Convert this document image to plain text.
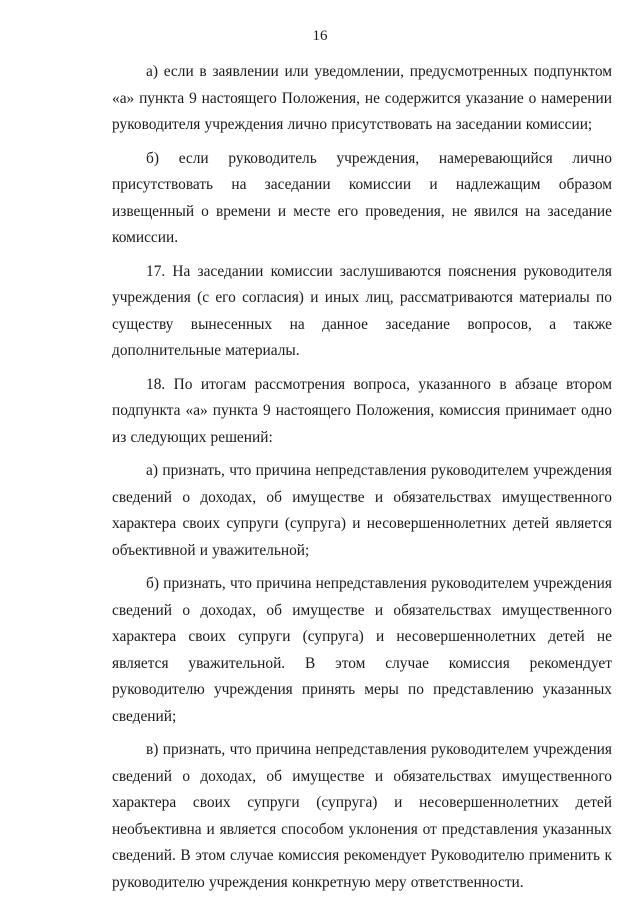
16

а) если в заявлении или уведомлении, предусмотренных подпунктом «а» пункта 9 настоящего Положения, не содержится указание о намерении руководителя учреждения лично присутствовать на заседании комиссии;

б) если руководитель учреждения, намеревающийся лично присутствовать на заседании комиссии и надлежащим образом извещенный о времени и месте его проведения, не явился на заседание комиссии.

17. На заседании комиссии заслушиваются пояснения руководителя учреждения (с его согласия) и иных лиц, рассматриваются материалы по существу вынесенных на данное заседание вопросов, а также дополнительные материалы.

18. По итогам рассмотрения вопроса, указанного в абзаце втором подпункта «а» пункта 9 настоящего Положения, комиссия принимает одно из следующих решений:

а) признать, что причина непредставления руководителем учреждения сведений о доходах, об имуществе и обязательствах имущественного характера своих супруги (супруга) и несовершеннолетних детей является объективной и уважительной;

б) признать, что причина непредставления руководителем учреждения сведений о доходах, об имуществе и обязательствах имущественного характера своих супруги (супруга) и несовершеннолетних детей не является уважительной. В этом случае комиссия рекомендует руководителю учреждения принять меры по представлению указанных сведений;

в) признать, что причина непредставления руководителем учреждения сведений о доходах, об имуществе и обязательствах имущественного характера своих супруги (супруга) и несовершеннолетних детей необъективна и является способом уклонения от представления указанных сведений. В этом случае комиссия рекомендует Руководителю применить к руководителю учреждения конкретную меру ответственности.
